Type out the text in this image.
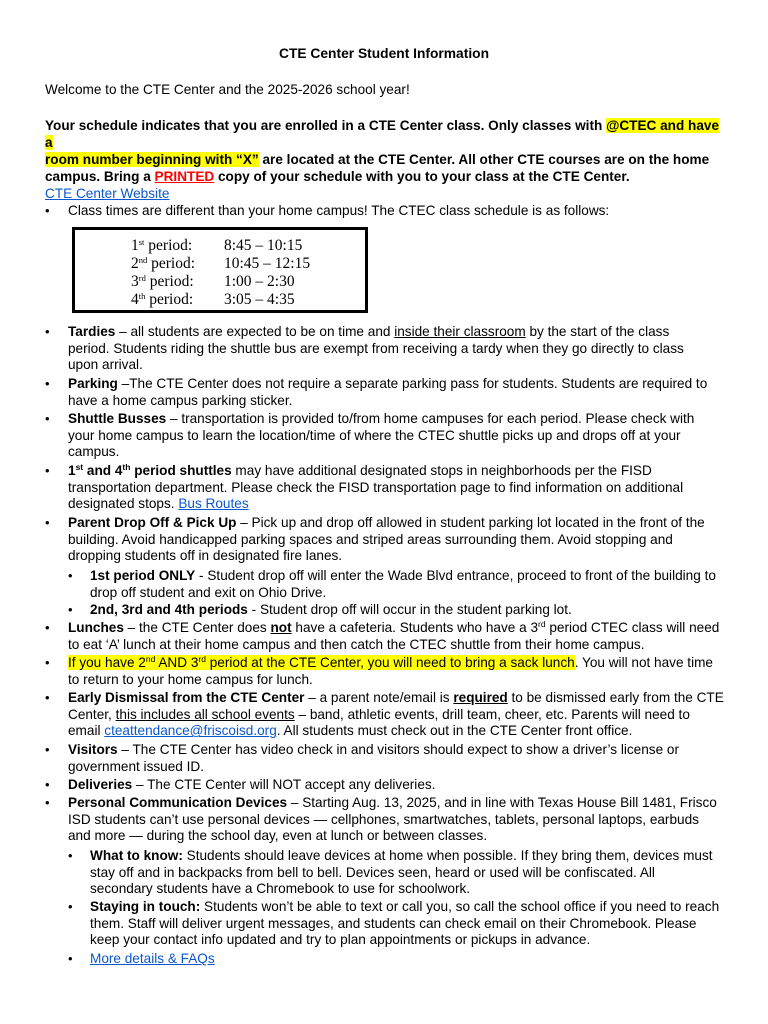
CTE Center Student Information
Welcome to the CTE Center and the 2025-2026 school year!
Your schedule indicates that you are enrolled in a CTE Center class. Only classes with @CTEC and have a
room number beginning with “X” are located at the CTE Center. All other CTE courses are on the home
campus. Bring a PRINTED copy of your schedule with you to your class at the CTE Center.
CTE Center Website
• Class times are different than your home campus! The CTEC class schedule is as follows:
1st period: 8:45 – 10:15
2nd period: 10:45 – 12:15
3rd period: 1:00 – 2:30
4th period: 3:05 – 4:35
• Tardies – all students are expected to be on time and inside their classroom by the start of the class
period. Students riding the shuttle bus are exempt from receiving a tardy when they go directly to class
upon arrival.
• Parking –The CTE Center does not require a separate parking pass for students. Students are required to
have a home campus parking sticker.
• Shuttle Busses – transportation is provided to/from home campuses for each period. Please check with
your home campus to learn the location/time of where the CTEC shuttle picks up and drops off at your
campus.
• 1st and 4th period shuttles may have additional designated stops in neighborhoods per the FISD
transportation department. Please check the FISD transportation page to find information on additional
designated stops. Bus Routes
• Parent Drop Off & Pick Up – Pick up and drop off allowed in student parking lot located in the front of the
building. Avoid handicapped parking spaces and striped areas surrounding them. Avoid stopping and
dropping students off in designated fire lanes.
• 1st period ONLY - Student drop off will enter the Wade Blvd entrance, proceed to front of the building to
drop off student and exit on Ohio Drive.
• 2nd, 3rd and 4th periods - Student drop off will occur in the student parking lot.
• Lunches – the CTE Center does not have a cafeteria. Students who have a 3rd period CTEC class will need
to eat ‘A’ lunch at their home campus and then catch the CTEC shuttle from their home campus.
• If you have 2nd AND 3rd period at the CTE Center, you will need to bring a sack lunch. You will not have time
to return to your home campus for lunch.
• Early Dismissal from the CTE Center – a parent note/email is required to be dismissed early from the CTE
Center, this includes all school events – band, athletic events, drill team, cheer, etc. Parents will need to
email cteattendance@friscoisd.org. All students must check out in the CTE Center front office.
• Visitors – The CTE Center has video check in and visitors should expect to show a driver’s license or
government issued ID.
• Deliveries – The CTE Center will NOT accept any deliveries.
• Personal Communication Devices – Starting Aug. 13, 2025, and in line with Texas House Bill 1481, Frisco
ISD students can’t use personal devices — cellphones, smartwatches, tablets, personal laptops, earbuds
and more — during the school day, even at lunch or between classes.
• What to know: Students should leave devices at home when possible. If they bring them, devices must
stay off and in backpacks from bell to bell. Devices seen, heard or used will be confiscated. All
secondary students have a Chromebook to use for schoolwork.
• Staying in touch: Students won’t be able to text or call you, so call the school office if you need to reach
them. Staff will deliver urgent messages, and students can check email on their Chromebook. Please
keep your contact info updated and try to plan appointments or pickups in advance.
• More details & FAQs
